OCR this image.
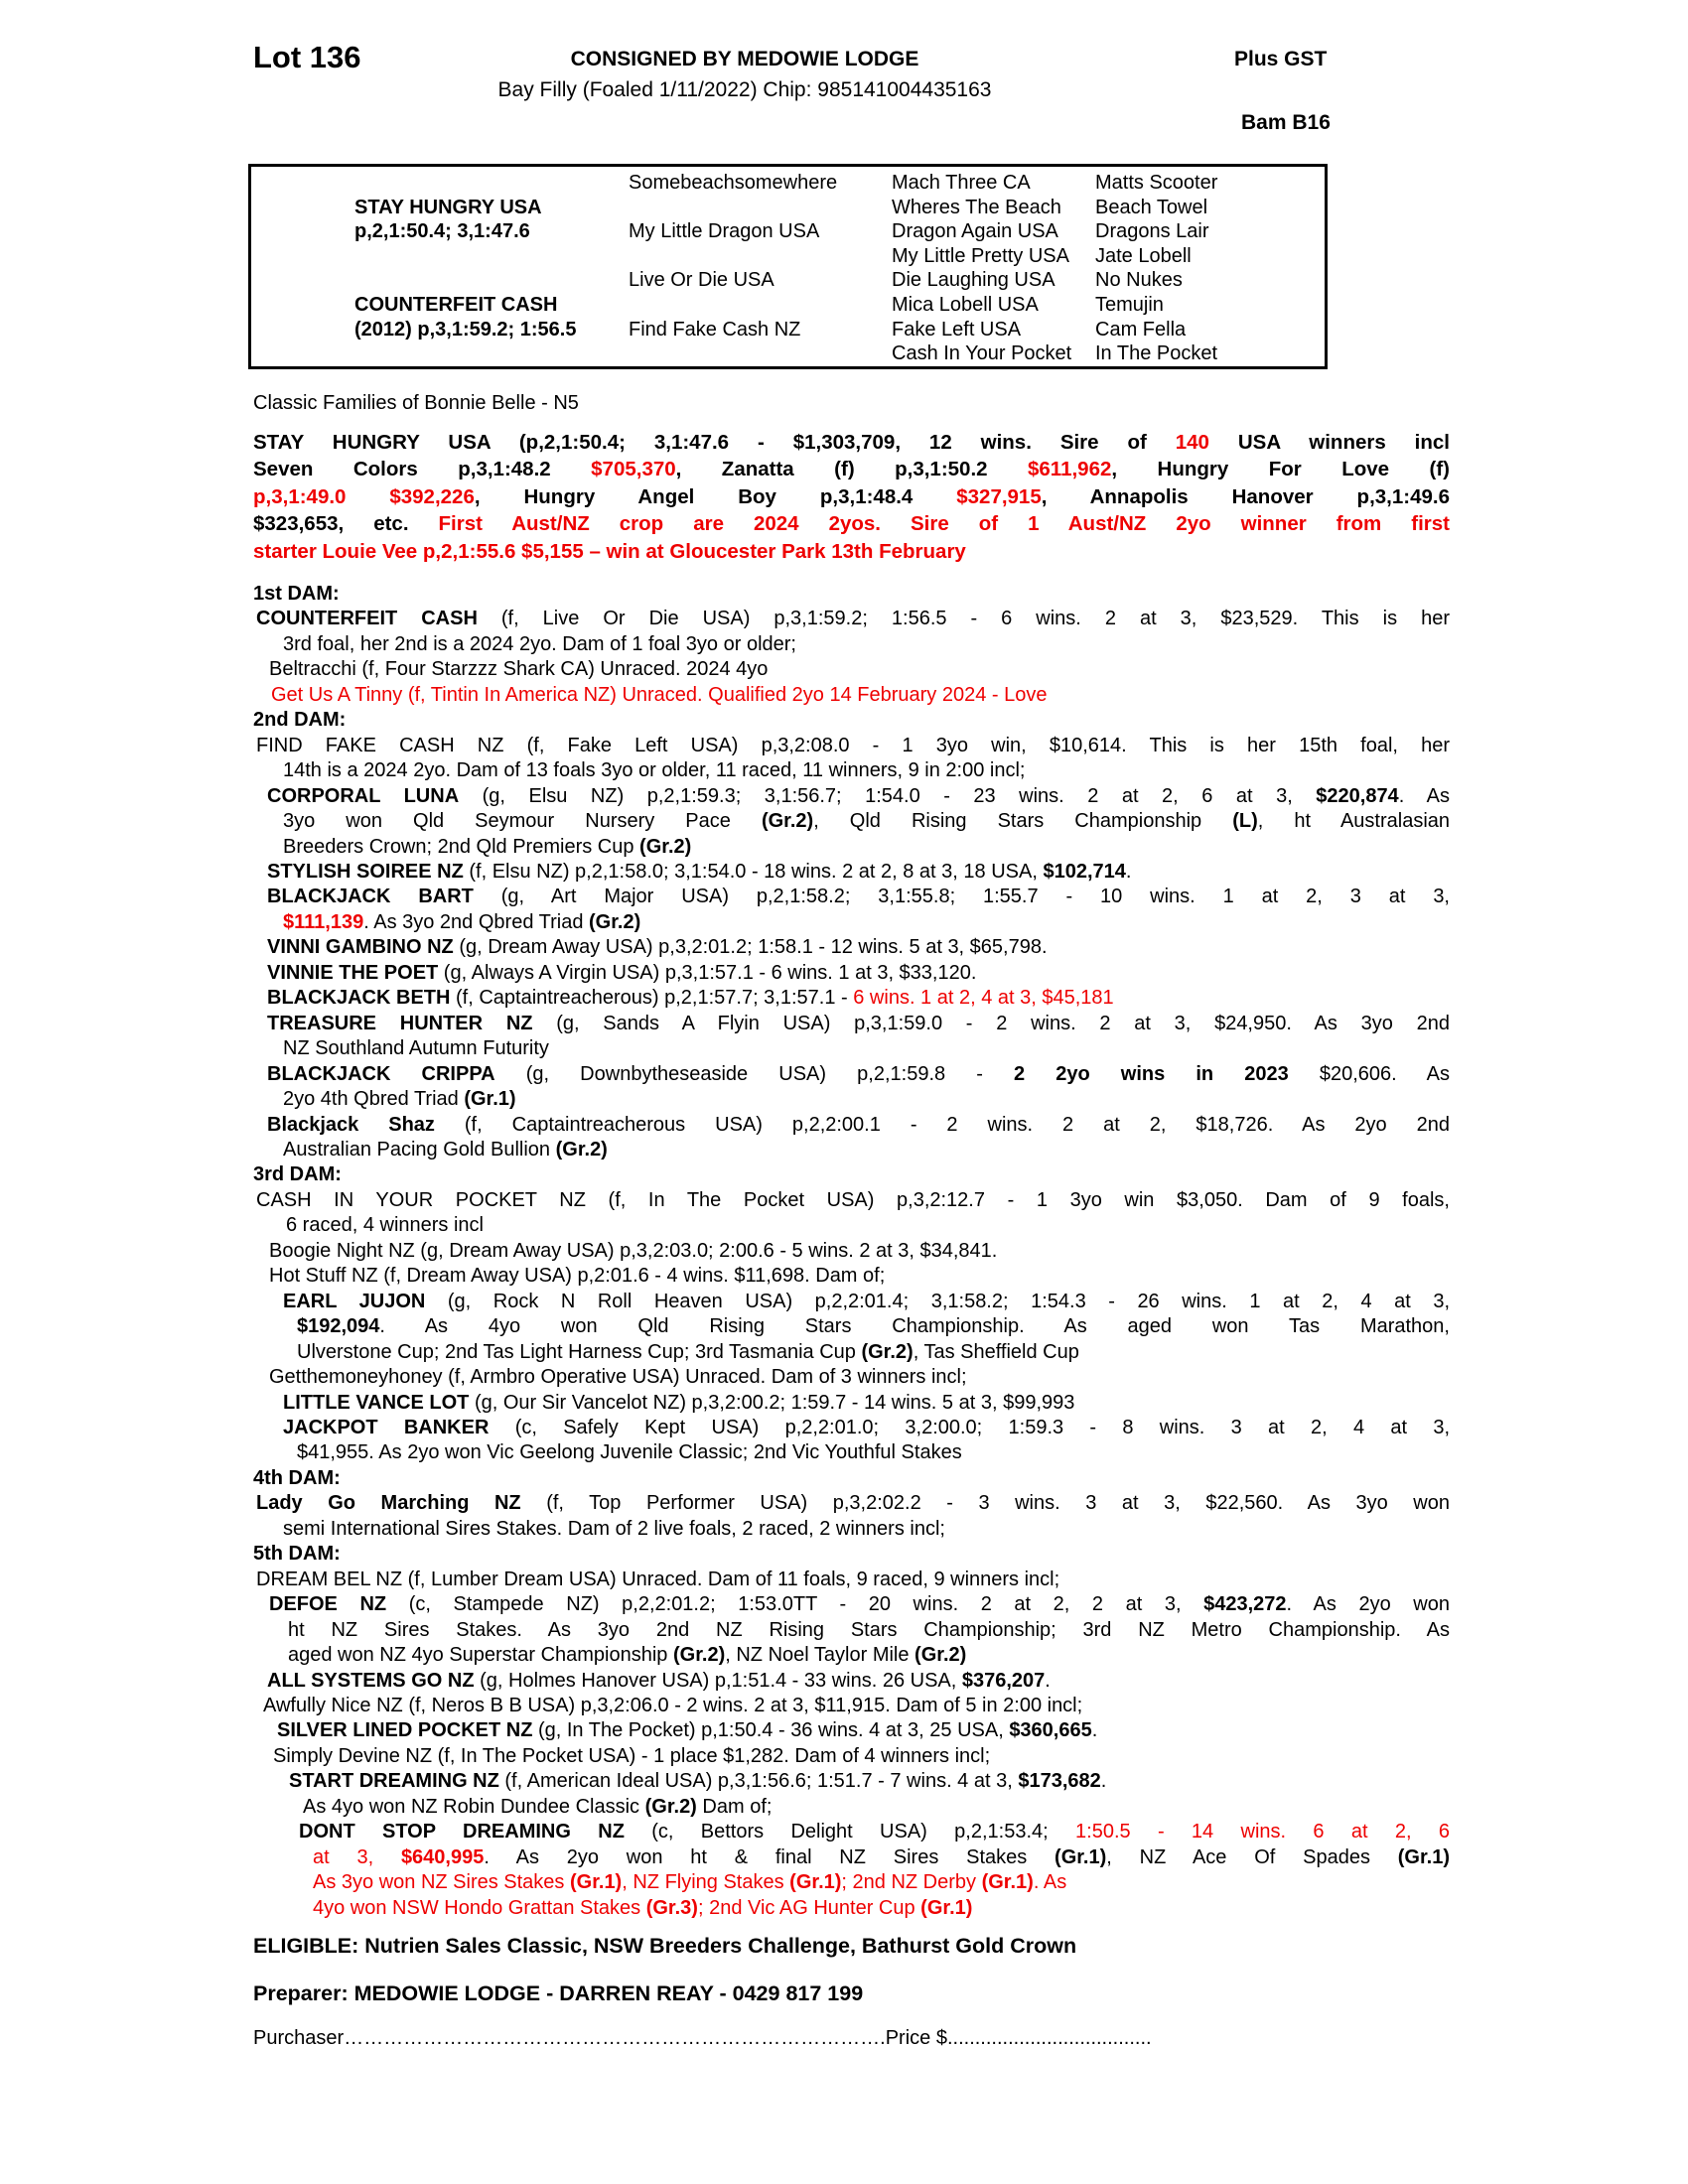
Lot 136	CONSIGNED BY MEDOWIE LODGE
Bay Filly (Foaled 1/11/2022) Chip: 985141004435163
Plus GST
Bam B16
STAY HUNGRY USA
p,2,1:50.4; 3,1:47.6
COUNTERFEIT CASH
(2012) p,3,1:59.2; 1:56.5
Somebeachsomewhere
My Little Dragon USA
Live Or Die USA
Find Fake Cash NZ
Mach Three CA
Wheres The Beach
Dragon Again USA
My Little Pretty USA
Die Laughing USA
Mica Lobell USA
Fake Left USA
Cash In Your Pocket
Matts Scooter
Beach Towel
Dragons Lair
Jate Lobell
No Nukes
Temujin
Cam Fella
In The Pocket
Classic Families of Bonnie Belle - N5
STAY HUNGRY USA (p,2,1:50.4; 3,1:47.6 - $1,303,709, 12 wins. Sire of 140 USA winners incl
Seven Colors p,3,1:48.2 $705,370, Zanatta (f) p,3,1:50.2 $611,962, Hungry For Love (f)
p,3,1:49.0 $392,226, Hungry Angel Boy p,3,1:48.4 $327,915, Annapolis Hanover p,3,1:49.6
$323,653, etc. First Aust/NZ crop are 2024 2yos. Sire of 1 Aust/NZ 2yo winner from first
starter Louie Vee p,2,1:55.6 $5,155 – win at Gloucester Park 13th February
1st DAM:
COUNTERFEIT CASH (f, Live Or Die USA) p,3,1:59.2; 1:56.5 - 6 wins. 2 at 3, $23,529. This is her
3rd foal, her 2nd is a 2024 2yo. Dam of 1 foal 3yo or older;
Beltracchi (f, Four Starzzz Shark CA) Unraced. 2024 4yo
Get Us A Tinny (f, Tintin In America NZ) Unraced. Qualified 2yo 14 February 2024 - Love
2nd DAM:
FIND FAKE CASH NZ (f, Fake Left USA) p,3,2:08.0 - 1 3yo win, $10,614. This is her 15th foal, her
14th is a 2024 2yo. Dam of 13 foals 3yo or older, 11 raced, 11 winners, 9 in 2:00 incl;
CORPORAL LUNA (g, Elsu NZ) p,2,1:59.3; 3,1:56.7; 1:54.0 - 23 wins. 2 at 2, 6 at 3, $220,874. As
3yo won Qld Seymour Nursery Pace (Gr.2), Qld Rising Stars Championship (L), ht Australasian
Breeders Crown; 2nd Qld Premiers Cup (Gr.2)
STYLISH SOIREE NZ (f, Elsu NZ) p,2,1:58.0; 3,1:54.0 - 18 wins. 2 at 2, 8 at 3, 18 USA, $102,714.
BLACKJACK BART (g, Art Major USA) p,2,1:58.2; 3,1:55.8; 1:55.7 - 10 wins. 1 at 2, 3 at 3,
$111,139. As 3yo 2nd Qbred Triad (Gr.2)
VINNI GAMBINO NZ (g, Dream Away USA) p,3,2:01.2; 1:58.1 - 12 wins. 5 at 3, $65,798.
VINNIE THE POET (g, Always A Virgin USA) p,3,1:57.1 - 6 wins. 1 at 3, $33,120.
BLACKJACK BETH (f, Captaintreacherous) p,2,1:57.7; 3,1:57.1 - 6 wins. 1 at 2, 4 at 3, $45,181
TREASURE HUNTER NZ (g, Sands A Flyin USA) p,3,1:59.0 - 2 wins. 2 at 3, $24,950. As 3yo 2nd
NZ Southland Autumn Futurity
BLACKJACK CRIPPA (g, Downbytheseaside USA) p,2,1:59.8 - 2 2yo wins in 2023 $20,606. As
2yo 4th Qbred Triad (Gr.1)
Blackjack Shaz (f, Captaintreacherous USA) p,2,2:00.1 - 2 wins. 2 at 2, $18,726. As 2yo 2nd
Australian Pacing Gold Bullion (Gr.2)
3rd DAM:
CASH IN YOUR POCKET NZ (f, In The Pocket USA) p,3,2:12.7 - 1 3yo win $3,050. Dam of 9 foals,
6 raced, 4 winners incl
Boogie Night NZ (g, Dream Away USA) p,3,2:03.0; 2:00.6 - 5 wins. 2 at 3, $34,841.
Hot Stuff NZ (f, Dream Away USA) p,2:01.6 - 4 wins. $11,698. Dam of;
EARL JUJON (g, Rock N Roll Heaven USA) p,2,2:01.4; 3,1:58.2; 1:54.3 - 26 wins. 1 at 2, 4 at 3,
$192,094. As 4yo won Qld Rising Stars Championship. As aged won Tas Marathon,
Ulverstone Cup; 2nd Tas Light Harness Cup; 3rd Tasmania Cup (Gr.2), Tas Sheffield Cup
Getthemoneyhoney (f, Armbro Operative USA) Unraced. Dam of 3 winners incl;
LITTLE VANCE LOT (g, Our Sir Vancelot NZ) p,3,2:00.2; 1:59.7 - 14 wins. 5 at 3, $99,993
JACKPOT BANKER (c, Safely Kept USA) p,2,2:01.0; 3,2:00.0; 1:59.3 - 8 wins. 3 at 2, 4 at 3,
$41,955. As 2yo won Vic Geelong Juvenile Classic; 2nd Vic Youthful Stakes
4th DAM:
Lady Go Marching NZ (f, Top Performer USA) p,3,2:02.2 - 3 wins. 3 at 3, $22,560. As 3yo won
semi International Sires Stakes. Dam of 2 live foals, 2 raced, 2 winners incl;
5th DAM:
DREAM BEL NZ (f, Lumber Dream USA) Unraced. Dam of 11 foals, 9 raced, 9 winners incl;
DEFOE NZ (c, Stampede NZ) p,2,2:01.2; 1:53.0TT - 20 wins. 2 at 2, 2 at 3, $423,272. As 2yo won
ht NZ Sires Stakes. As 3yo 2nd NZ Rising Stars Championship; 3rd NZ Metro Championship. As
aged won NZ 4yo Superstar Championship (Gr.2), NZ Noel Taylor Mile (Gr.2)
ALL SYSTEMS GO NZ (g, Holmes Hanover USA) p,1:51.4 - 33 wins. 26 USA, $376,207.
Awfully Nice NZ (f, Neros B B USA) p,3,2:06.0 - 2 wins. 2 at 3, $11,915. Dam of 5 in 2:00 incl;
SILVER LINED POCKET NZ (g, In The Pocket) p,1:50.4 - 36 wins. 4 at 3, 25 USA, $360,665.
Simply Devine NZ (f, In The Pocket USA) - 1 place $1,282. Dam of 4 winners incl;
START DREAMING NZ (f, American Ideal USA) p,3,1:56.6; 1:51.7 - 7 wins. 4 at 3, $173,682.
As 4yo won NZ Robin Dundee Classic (Gr.2) Dam of;
DONT STOP DREAMING NZ (c, Bettors Delight USA) p,2,1:53.4; 1:50.5 - 14 wins. 6 at 2, 6
at 3, $640,995. As 2yo won ht & final NZ Sires Stakes (Gr.1), NZ Ace Of Spades (Gr.1)
As 3yo won NZ Sires Stakes (Gr.1), NZ Flying Stakes (Gr.1); 2nd NZ Derby (Gr.1). As
4yo won NSW Hondo Grattan Stakes (Gr.3); 2nd Vic AG Hunter Cup (Gr.1)
ELIGIBLE: Nutrien Sales Classic, NSW Breeders Challenge, Bathurst Gold Crown
Preparer: MEDOWIE LODGE - DARREN REAY - 0429 817 199
Purchaser……………………………………………………………………….Price $.....................................
